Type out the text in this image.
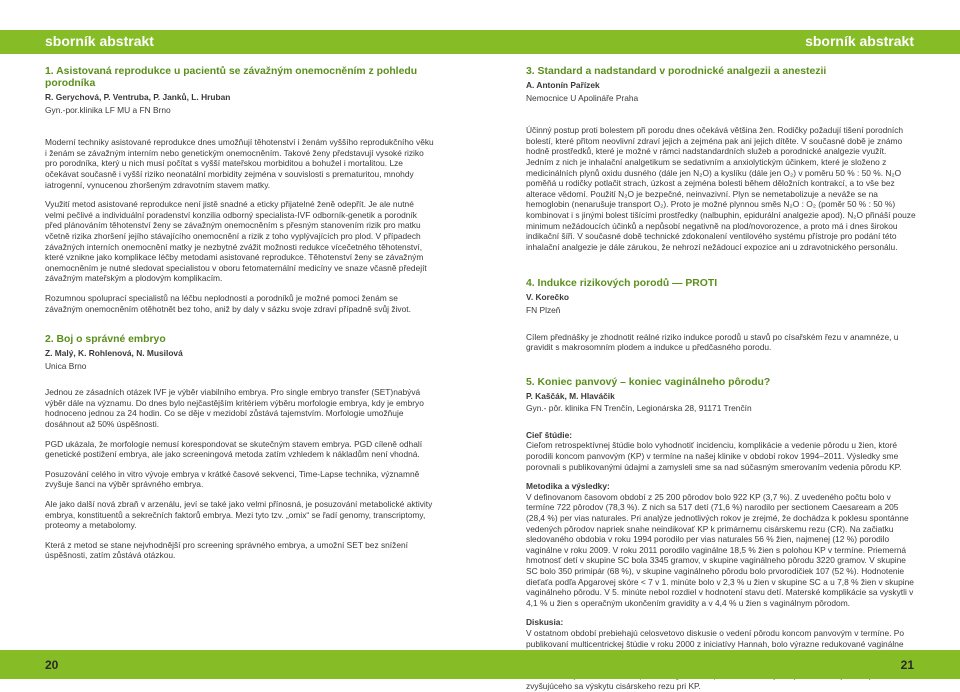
sborník abstrakt	sborník abstrakt
1. Asistovaná reprodukce u pacientů se závažným onemocněním z pohledu porodníka
R. Gerychová, P. Ventruba, P. Janků, L. Hruban
Gyn.-por.klinika LF MU a FN Brno

Moderní techniky asistované reprodukce dnes umožňují těhotenství i ženám vyššího reprodukčního věku i ženám se závažným interním nebo genetickým onemocněním. Takové ženy představují vysoké riziko pro porodníka, který u nich musí počítat s vyšší mateřskou morbiditou a bohužel i mortalitou. Lze očekávat současně i vyšší riziko neonatální morbidity zejména v souvislosti s prematuritou, mnohdy iatrogenní, vynucenou zhoršeným zdravotním stavem matky.

Využití metod asistované reprodukce není jistě snadné a eticky přijatelné ženě odepřít. Je ale nutné velmi pečlivé a individuální poradenství konzilia odborný specialista-IVF odborník-genetik a porodník před plánováním těhotenství ženy se závažným onemocněním s přesným stanovením rizik pro matku včetně rizika zhoršení jejího stávajícího onemocnění a rizik z toho vyplývajících pro plod. V případech závažných interních onemocnění matky je nezbytné zvážit možnosti redukce vícečetného těhotenství, které vznikne jako komplikace léčby metodami asistované reprodukce. Těhotenství ženy se závažným onemocněním je nutné sledovat specialistou v oboru fetomaternální medicíny ve snaze včasně předejít závažným mateřským a plodovým komplikacím.

Rozumnou spoluprací specialistů na léčbu neplodnosti a porodníků je možné pomoci ženám se závažným onemocněním otěhotnět bez toho, aniž by daly v sázku svoje zdraví případně svůj život.

2. Boj o správné embryo
Z. Malý, K. Rohlenová, N. Musilová
Unica Brno

Jednou ze zásadních otázek IVF je výběr viabilního embrya. Pro single embryo transfer (SET)nabývá výběr dále na významu. Do dnes bylo nejčastějším kritériem výběru morfologie embrya, kdy je embryo hodnoceno jednou za 24 hodin. Co se děje v mezidobí zůstává tajemstvím. Morfologie umožňuje dosáhnout až 50% úspěšnosti.

PGD ukázala, že morfologie nemusí korespondovat se skutečným stavem embrya. PGD cíleně odhalí genetické postižení embrya, ale jako screeningová metoda zatím vzhledem k nákladům není vhodná.

Posuzování celého in vitro vývoje embrya v krátké časové sekvenci, Time-Lapse technika, významně zvyšuje šanci na výběr správného embrya.

Ale jako další nová zbraň v arzenálu, jeví se také jako velmi přínosná, je posuzování metabolické aktivity embrya, konstituentů a sekrečních faktorů embrya. Mezi tyto tzv. „omix“ se řadí genomy, transcriptomy, proteomy a metabolomy.

Která z metod se stane nejvhodnější pro screening správného embrya, a umožní SET bez snížení úspěšnosti, zatím zůstává otázkou.

3. Standard a nadstandard v porodnické analgezii a anestezii
A. Antonín Pařízek
Nemocnice U Apolináře Praha

Účinný postup proti bolestem při porodu dnes očekává většina žen. Rodičky požadují tišení porodních bolestí, které přitom neovlivní zdraví jejich a zejména pak ani jejich dítěte. V současné době je známo hodně prostředků, které je možné v rámci nadstandardních služeb a porodnické analgezie využít. Jedním z nich je inhalační analgetikum se sedativním a anxiolytickým účinkem, které je složeno z medicinálních plynů oxidu dusného (dále jen N₂O) a kyslíku (dále jen O₂) v poměru 50 % : 50 %. N₂O poměňá u rodičky potlačit strach, úzkost a zejména bolesti během děložních kontrakcí, a to vše bez alterace vědomí. Použití N₂O je bezpečné, neinvazivní. Plyn se nemetabolizuje a neváže se na hemoglobin (nenarušuje transport O₂). Proto je možné plynnou směs N₂O : O₂ (poměr 50 % : 50 %) kombinovat i s jinými bolest tišícími prostředky (nalbuphin, epidurální analgezie apod). N₂O přináší pouze minimum nežádoucích účinků a nepůsobí negativně na plod/novorozence, a proto má i dnes širokou indikační šíři. V současné době technické zdokonalení ventilového systému přístroje pro podání této inhalační analgezie je dále zárukou, že nehrozí nežádoucí expozice ani u zdravotnického personálu.

4. Indukce rizikových porodů — PROTI
V. Korečko
FN Plzeň

Cílem přednášky je zhodnotit reálné riziko indukce porodů u stavů po císařském řezu v anamnéze, u gravidit s makrosomním plodem a indukce u předčasného porodu.

5. Koniec panvový – koniec vaginálneho pôrodu?
P. Kaščák, M. Hlaváčik
Gyn.- pôr. klinika FN Trenčín, Legionárska 28, 91171 Trenčín

Cieľ štúdie:

Cieľom retrospektívnej štúdie bolo vyhodnotiť incidenciu, komplikácie a vedenie pôrodu u žien, ktoré porodili koncom panvovým (KP) v termíne na našej klinike v období rokov 1994–2011. Výsledky sme porovnali s publikovanými údajmi a zamysleli sme sa nad súčasným smerovaním vedenia pôrodu KP.

Metodika a výsledky:

V definovanom časovom období z 25 200 pôrodov bolo 922 KP (3,7 %). Z uvedeného počtu bolo v termíne 722 pôrodov (78,3 %). Z nich sa 517 detí (71,6 %) narodilo per sectionem Caesaream a 205 (28,4 %) per vias naturales. Pri analýze jednotlivých rokov je zrejmé, že dochádza k poklesu spontánne vedených pôrodov napriek snahe neindikovať KP k primárnemu cisárskemu rezu (CR). Na začiatku sledovaného obdobia v roku 1994 porodilo per vias naturales 56 % žien, najmenej (12 %) porodilo vaginálne v roku 2009. V roku 2011 porodilo vaginálne 18,5 % žien s polohou KP v termíne. Priemerná hmotnosť detí v skupine SC bola 3345 gramov, v skupine vaginálneho pôrodu 3220 gramov. V skupine SC bolo 350 primipár (68 %), v skupine vaginálneho pôrodu bolo prvorodičiek 107 (52 %). Hodnotenie dieťaťa podľa Apgarovej skóre < 7 v 1. minúte bolo v 2,3 % u žien v skupine SC a u 7,8 % žien v skupine vaginálneho pôrodu. V 5. minúte nebol rozdiel v hodnotení stavu detí. Materské komplikácie sa vyskytli v 4,1 % u žien s operačným ukončením gravidity a v 4,4 % u žien s vaginálnym pôrodom.

Diskusia:

V ostatnom období prebiehajú celosvetovo diskusie o vedení pôrodu koncom panvovým v termíne. Po publikovaní multicentrickej štúdie v roku 2000 z iniciatívy Hannah, bolo výrazne redukované vaginálne zvyšujúceho sa výskytu cisárskeho rezu pri KP.

20	21
